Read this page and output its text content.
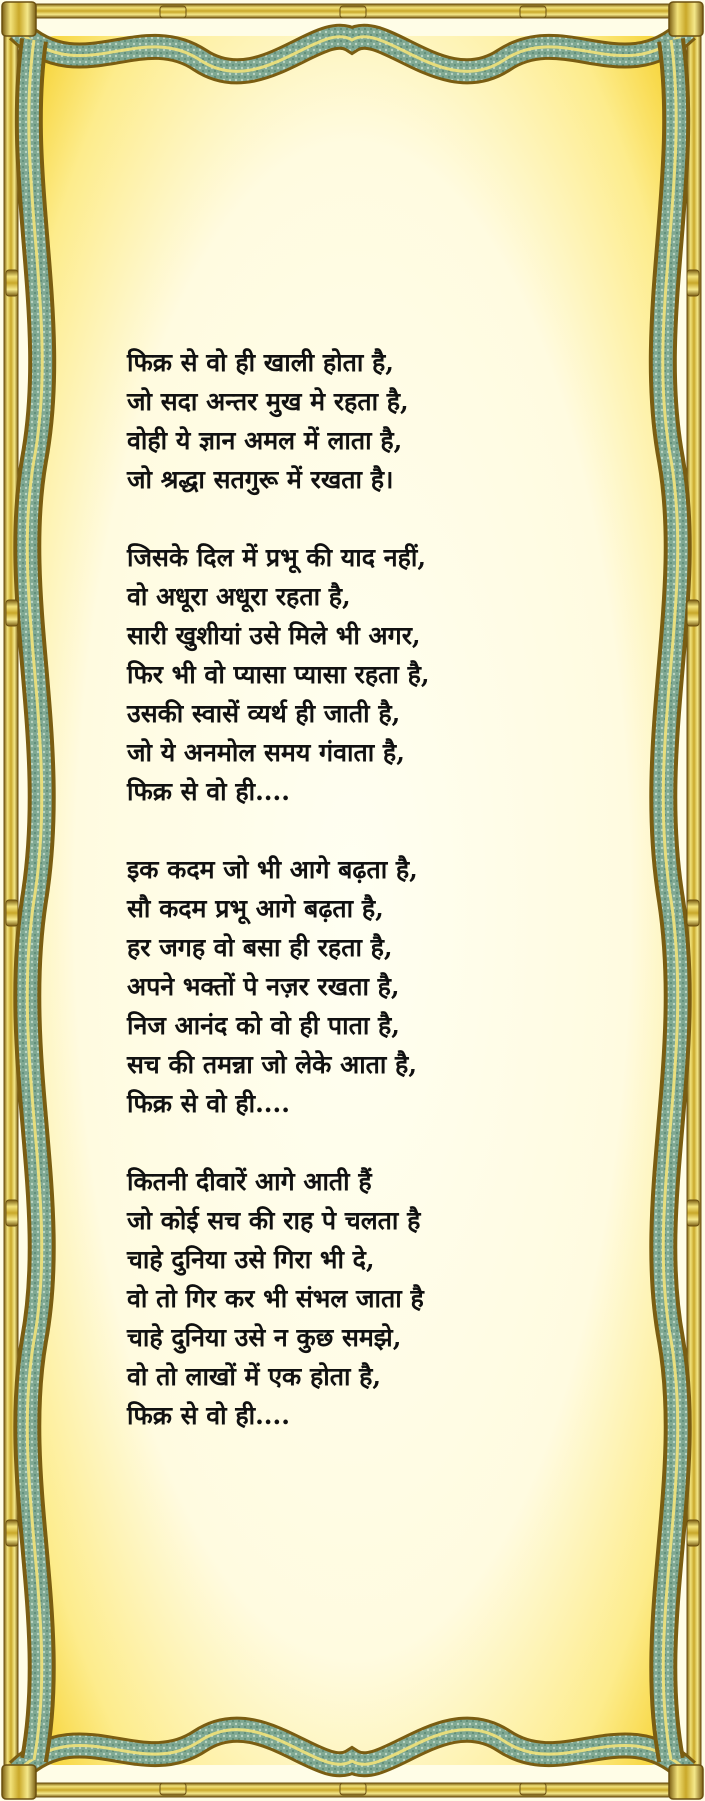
फिक्र से वो ही खाली होता है,
जो सदा अन्तर मुख मे रहता है,
वोही ये ज्ञान अमल में लाता है,
जो श्रद्धा सतगुरू में रखता है।
जिसके दिल में प्रभू की याद नहीं,
वो अधूरा अधूरा रहता है,
सारी खुशीयां उसे मिले भी अगर,
फिर भी वो प्यासा प्यासा रहता है,
उसकी स्वासें व्यर्थ ही जाती है,
जो ये अनमोल समय गंवाता है,
फिक्र से वो ही....
इक कदम जो भी आगे बढ़ता है,
सौ कदम प्रभू आगे बढ़ता है,
हर जगह वो बसा ही रहता है,
अपने भक्तों पे नज़र रखता है,
निज आनंद को वो ही पाता है,
सच की तमन्ना जो लेके आता है,
फिक्र से वो ही....
कितनी दीवारें आगे आती हैं
जो कोई सच की राह पे चलता है
चाहे दुनिया उसे गिरा भी दे,
वो तो गिर कर भी संभल जाता है
चाहे दुनिया उसे न कुछ समझे,
वो तो लाखों में एक होता है,
फिक्र से वो ही....
